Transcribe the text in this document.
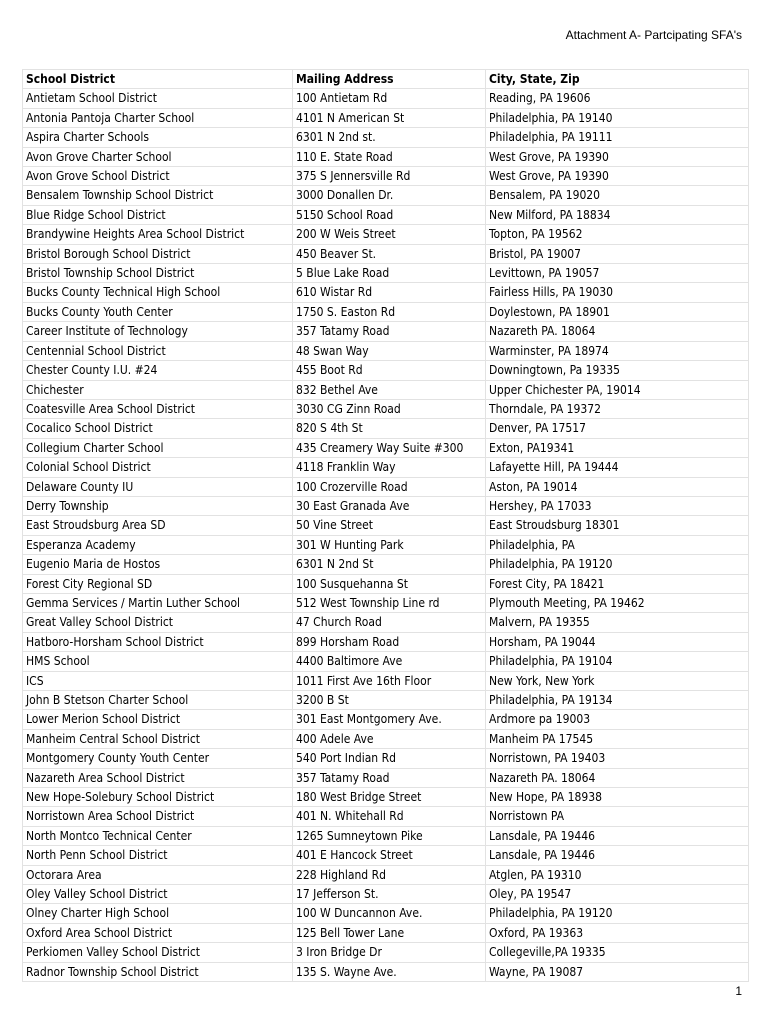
Attachment A- Partcipating SFA's
School District	Mailing Address	City, State, Zip
Antietam School District	100 Antietam Rd	Reading, PA 19606
Antonia Pantoja Charter School	4101 N American St	Philadelphia, PA 19140
Aspira Charter Schools	6301 N 2nd st.	Philadelphia, PA 19111
Avon Grove Charter School	110 E. State Road	West Grove, PA 19390
Avon Grove School District	375 S Jennersville Rd	West Grove, PA 19390
Bensalem Township School District	3000 Donallen Dr.	Bensalem, PA 19020
Blue Ridge School District	5150 School Road	New Milford, PA 18834
Brandywine Heights Area School District	200 W Weis Street	Topton, PA 19562
Bristol Borough School District	450 Beaver St.	Bristol, PA 19007
Bristol Township School District	5 Blue Lake Road	Levittown, PA 19057
Bucks County Technical High School	610 Wistar Rd	Fairless Hills, PA 19030
Bucks County Youth Center	1750 S. Easton Rd	Doylestown, PA 18901
Career Institute of Technology	357 Tatamy Road	Nazareth PA. 18064
Centennial School District	48 Swan Way	Warminster, PA 18974
Chester County I.U. #24	455 Boot Rd	Downingtown, Pa 19335
Chichester	832 Bethel Ave	Upper Chichester PA, 19014
Coatesville Area School District	3030 CG Zinn Road	Thorndale, PA 19372
Cocalico School District	820 S 4th St	Denver, PA 17517
Collegium Charter School	435 Creamery Way Suite #300	Exton, PA19341
Colonial School District	4118 Franklin Way	Lafayette Hill, PA 19444
Delaware County IU	100 Crozerville Road	Aston, PA 19014
Derry Township	30 East Granada Ave	Hershey, PA 17033
East Stroudsburg Area SD	50 Vine Street	East Stroudsburg 18301
Esperanza Academy	301 W Hunting Park	Philadelphia, PA
Eugenio Maria de Hostos	6301 N 2nd St	Philadelphia, PA 19120
Forest City Regional SD	100 Susquehanna St	Forest City, PA 18421
Gemma Services / Martin Luther School	512 West Township Line rd	Plymouth Meeting, PA 19462
Great Valley School District	47 Church Road	Malvern, PA 19355
Hatboro-Horsham School District	899 Horsham Road	Horsham, PA 19044
HMS School	4400 Baltimore Ave	Philadelphia, PA 19104
ICS	1011 First Ave 16th Floor	New York, New York
John B Stetson Charter School	3200 B St	Philadelphia, PA 19134
Lower Merion School District	301 East Montgomery Ave.	Ardmore pa 19003
Manheim Central School District	400 Adele Ave	Manheim PA 17545
Montgomery County Youth Center	540 Port Indian Rd	Norristown, PA 19403
Nazareth Area School District	357 Tatamy Road	Nazareth PA. 18064
New Hope-Solebury School District	180 West Bridge Street	New Hope, PA 18938
Norristown Area School District	401 N. Whitehall Rd	Norristown PA
North Montco Technical Center	1265 Sumneytown Pike	Lansdale, PA 19446
North Penn School District	401 E Hancock Street	Lansdale, PA 19446
Octorara Area	228 Highland Rd	Atglen, PA 19310
Oley Valley School District	17 Jefferson St.	Oley, PA 19547
Olney Charter High School	100 W Duncannon Ave.	Philadelphia, PA 19120
Oxford Area School District	125 Bell Tower Lane	Oxford, PA 19363
Perkiomen Valley School District	3 Iron Bridge Dr	Collegeville,PA 19335
Radnor Township School District	135 S. Wayne Ave.	Wayne, PA 19087
1
